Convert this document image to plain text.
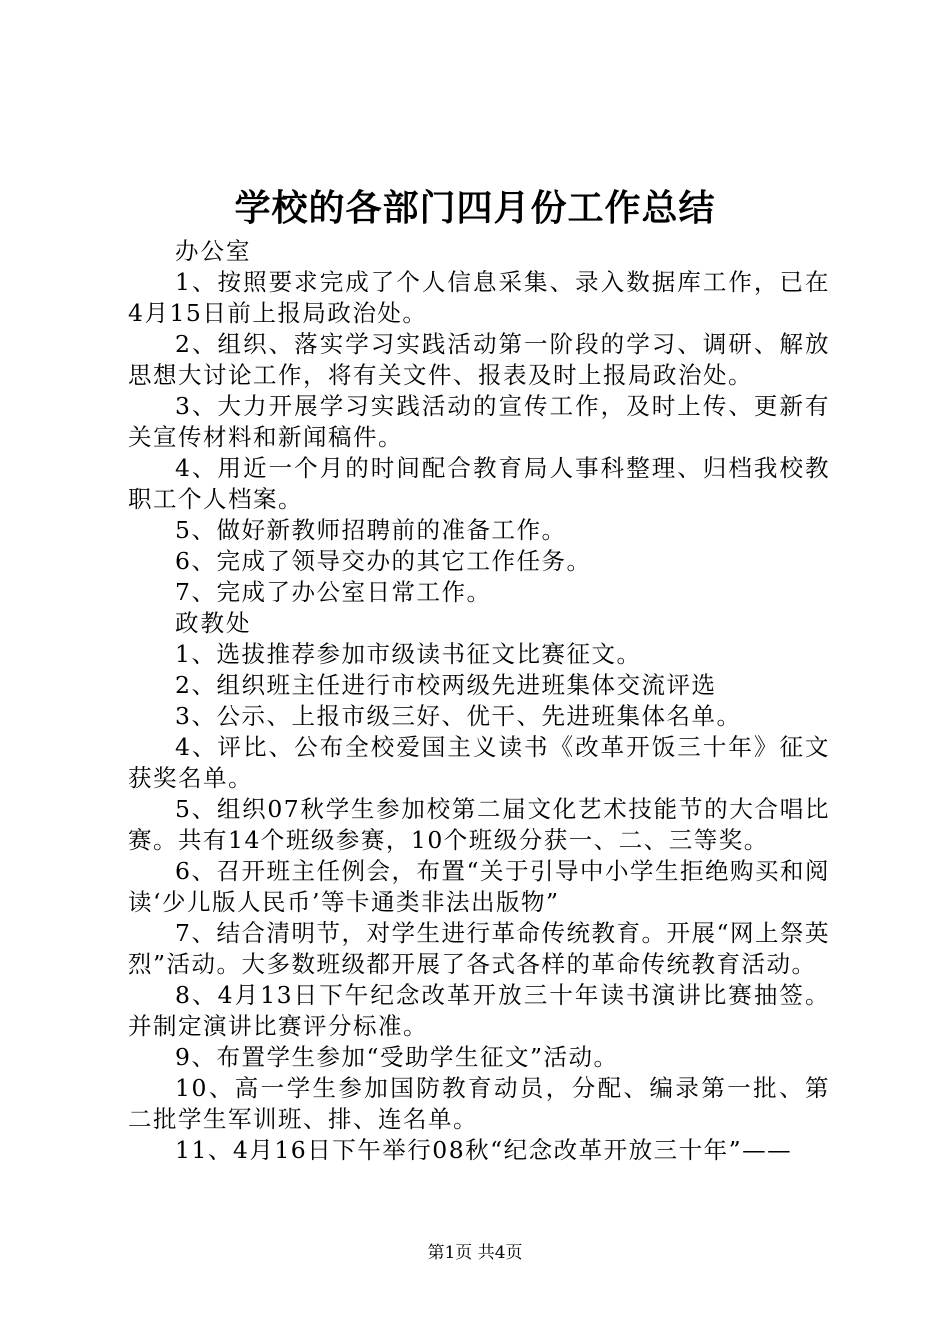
学校的各部门四月份工作总结

办公室

1、按照要求完成了个人信息采集、录入数据库工作，已在4月15日前上报局政治处。

2、组织、落实学习实践活动第一阶段的学习、调研、解放思想大讨论工作，将有关文件、报表及时上报局政治处。

3、大力开展学习实践活动的宣传工作，及时上传、更新有关宣传材料和新闻稿件。

4、用近一个月的时间配合教育局人事科整理、归档我校教职工个人档案。

5、做好新教师招聘前的准备工作。

6、完成了领导交办的其它工作任务。

7、完成了办公室日常工作。

政教处

1、选拔推荐参加市级读书征文比赛征文。

2、组织班主任进行市校两级先进班集体交流评选

3、公示、上报市级三好、优干、先进班集体名单。

4、评比、公布全校爱国主义读书《改革开饭三十年》征文获奖名单。

5、组织07秋学生参加校第二届文化艺术技能节的大合唱比赛。共有14个班级参赛，10个班级分获一、二、三等奖。

6、召开班主任例会，布置“关于引导中小学生拒绝购买和阅读‘少儿版人民币’等卡通类非法出版物”

7、结合清明节，对学生进行革命传统教育。开展“网上祭英烈”活动。大多数班级都开展了各式各样的革命传统教育活动。

8、4月13日下午纪念改革开放三十年读书演讲比赛抽签。并制定演讲比赛评分标准。

9、布置学生参加“受助学生征文”活动。

10、高一学生参加国防教育动员，分配、编录第一批、第二批学生军训班、排、连名单。

11、4月16日下午举行08秋“纪念改革开放三十年”——

第1页 共4页
